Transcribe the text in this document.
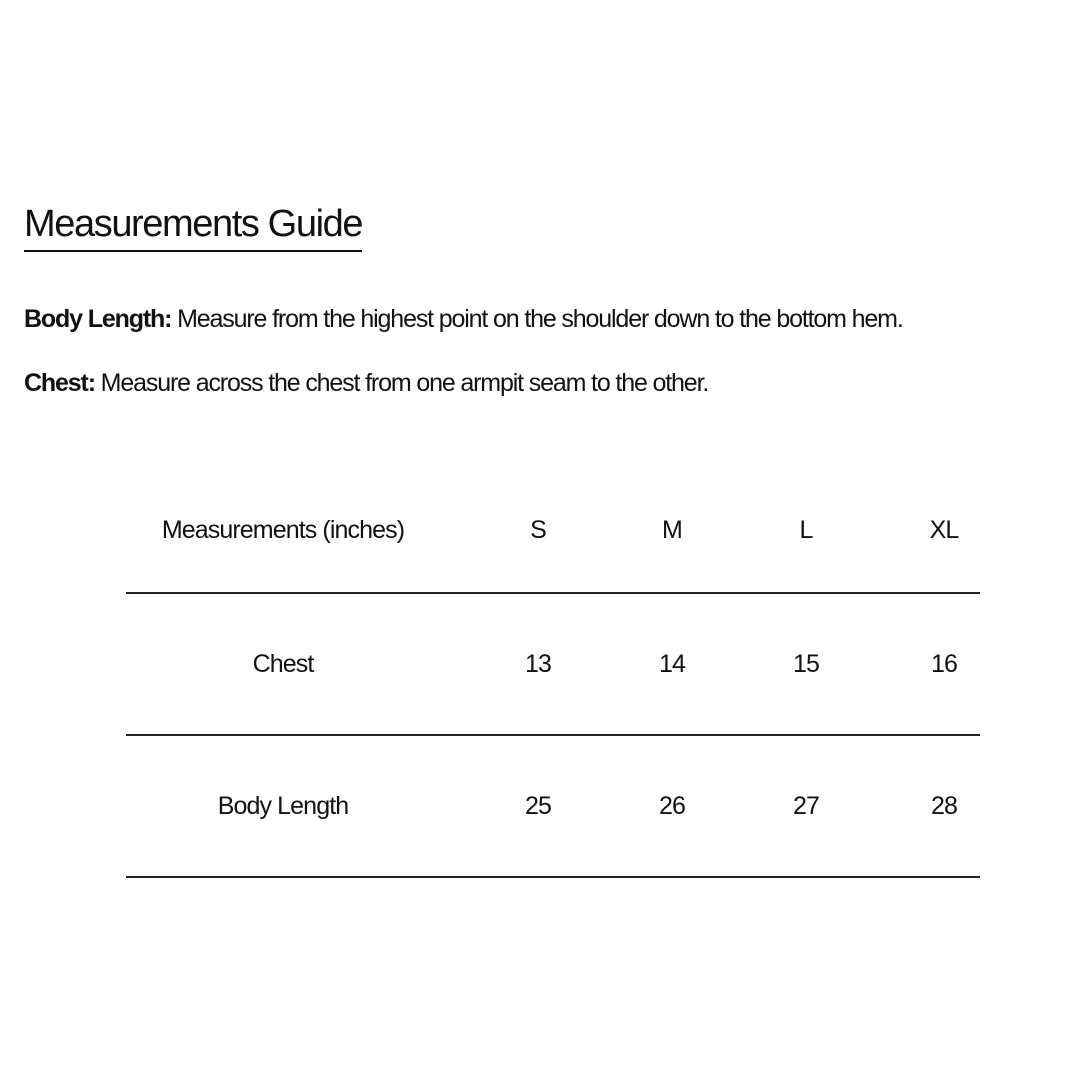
Measurements Guide

Body Length: Measure from the highest point on the shoulder down to the bottom hem.

Chest: Measure across the chest from one armpit seam to the other.

Measurements (inches)	S	M	L	XL
Chest	13	14	15	16
Body Length	25	26	27	28
